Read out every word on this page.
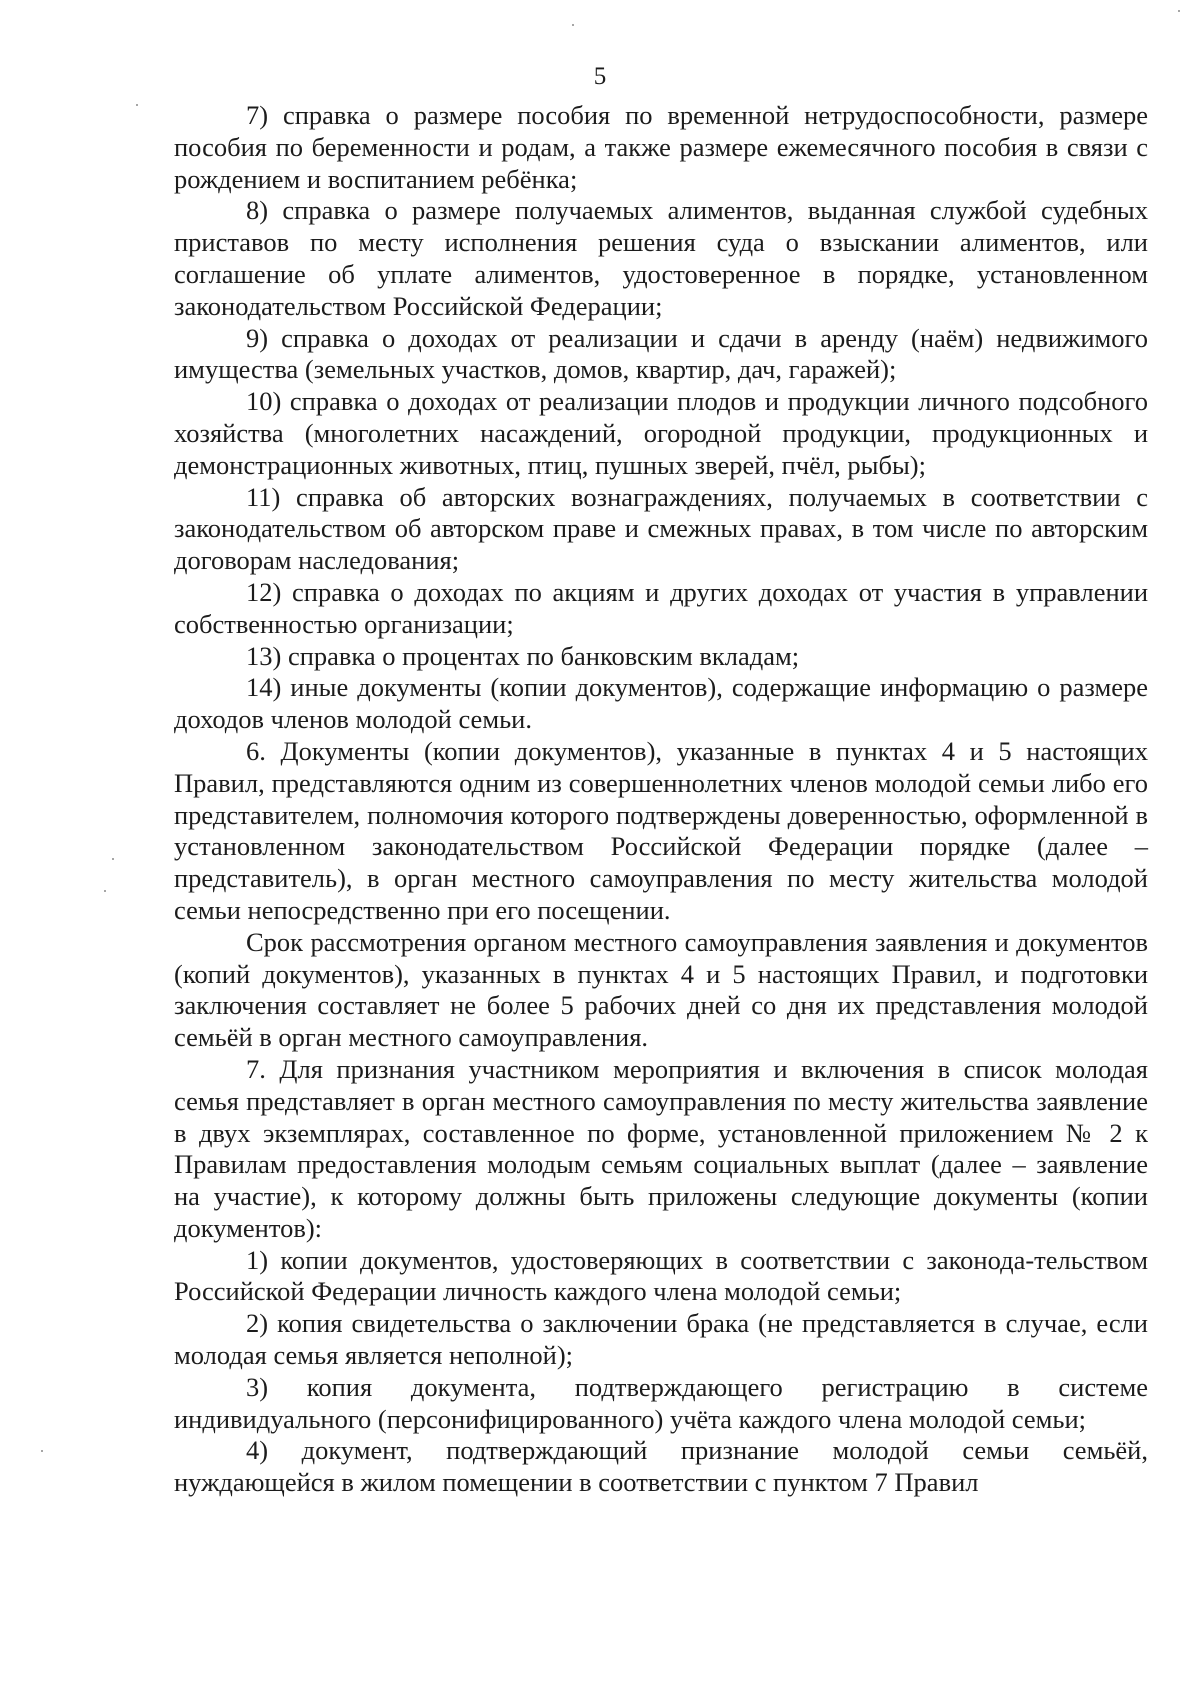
5

7) справка о размере пособия по временной нетрудоспособности, размере пособия по беременности и родам, а также размере ежемесячного пособия в связи с рождением и воспитанием ребёнка;

8) справка о размере получаемых алиментов, выданная службой судебных приставов по месту исполнения решения суда о взыскании алиментов, или соглашение об уплате алиментов, удостоверенное в порядке, установленном законодательством Российской Федерации;

9) справка о доходах от реализации и сдачи в аренду (наём) недвижимого имущества (земельных участков, домов, квартир, дач, гаражей);

10) справка о доходах от реализации плодов и продукции личного подсобного хозяйства (многолетних насаждений, огородной продукции, продукционных и демонстрационных животных, птиц, пушных зверей, пчёл, рыбы);

11) справка об авторских вознаграждениях, получаемых в соответствии с законодательством об авторском праве и смежных правах, в том числе по авторским договорам наследования;

12) справка о доходах по акциям и других доходах от участия в управлении собственностью организации;

13) справка о процентах по банковским вкладам;

14) иные документы (копии документов), содержащие информацию о размере доходов членов молодой семьи.

6. Документы (копии документов), указанные в пунктах 4 и 5 настоящих Правил, представляются одним из совершеннолетних членов молодой семьи либо его представителем, полномочия которого подтверждены доверенностью, оформленной в установленном законодательством Российской Федерации порядке (далее – представитель), в орган местного самоуправления по месту жительства молодой семьи непосредственно при его посещении.

Срок рассмотрения органом местного самоуправления заявления и документов (копий документов), указанных в пунктах 4 и 5 настоящих Правил, и подготовки заключения составляет не более 5 рабочих дней со дня их представления молодой семьёй в орган местного самоуправления.

7. Для признания участником мероприятия и включения в список молодая семья представляет в орган местного самоуправления по месту жительства заявление в двух экземплярах, составленное по форме, установленной приложением № 2 к Правилам предоставления молодым семьям социальных выплат (далее – заявление на участие), к которому должны быть приложены следующие документы (копии документов):

1) копии документов, удостоверяющих в соответствии с законода-тельством Российской Федерации личность каждого члена молодой семьи;

2) копия свидетельства о заключении брака (не представляется в случае, если молодая семья является неполной);

3) копия документа, подтверждающего регистрацию в системе индивидуального (персонифицированного) учёта каждого члена молодой семьи;

4) документ, подтверждающий признание молодой семьи семьёй, нуждающейся в жилом помещении в соответствии с пунктом 7 Правил
